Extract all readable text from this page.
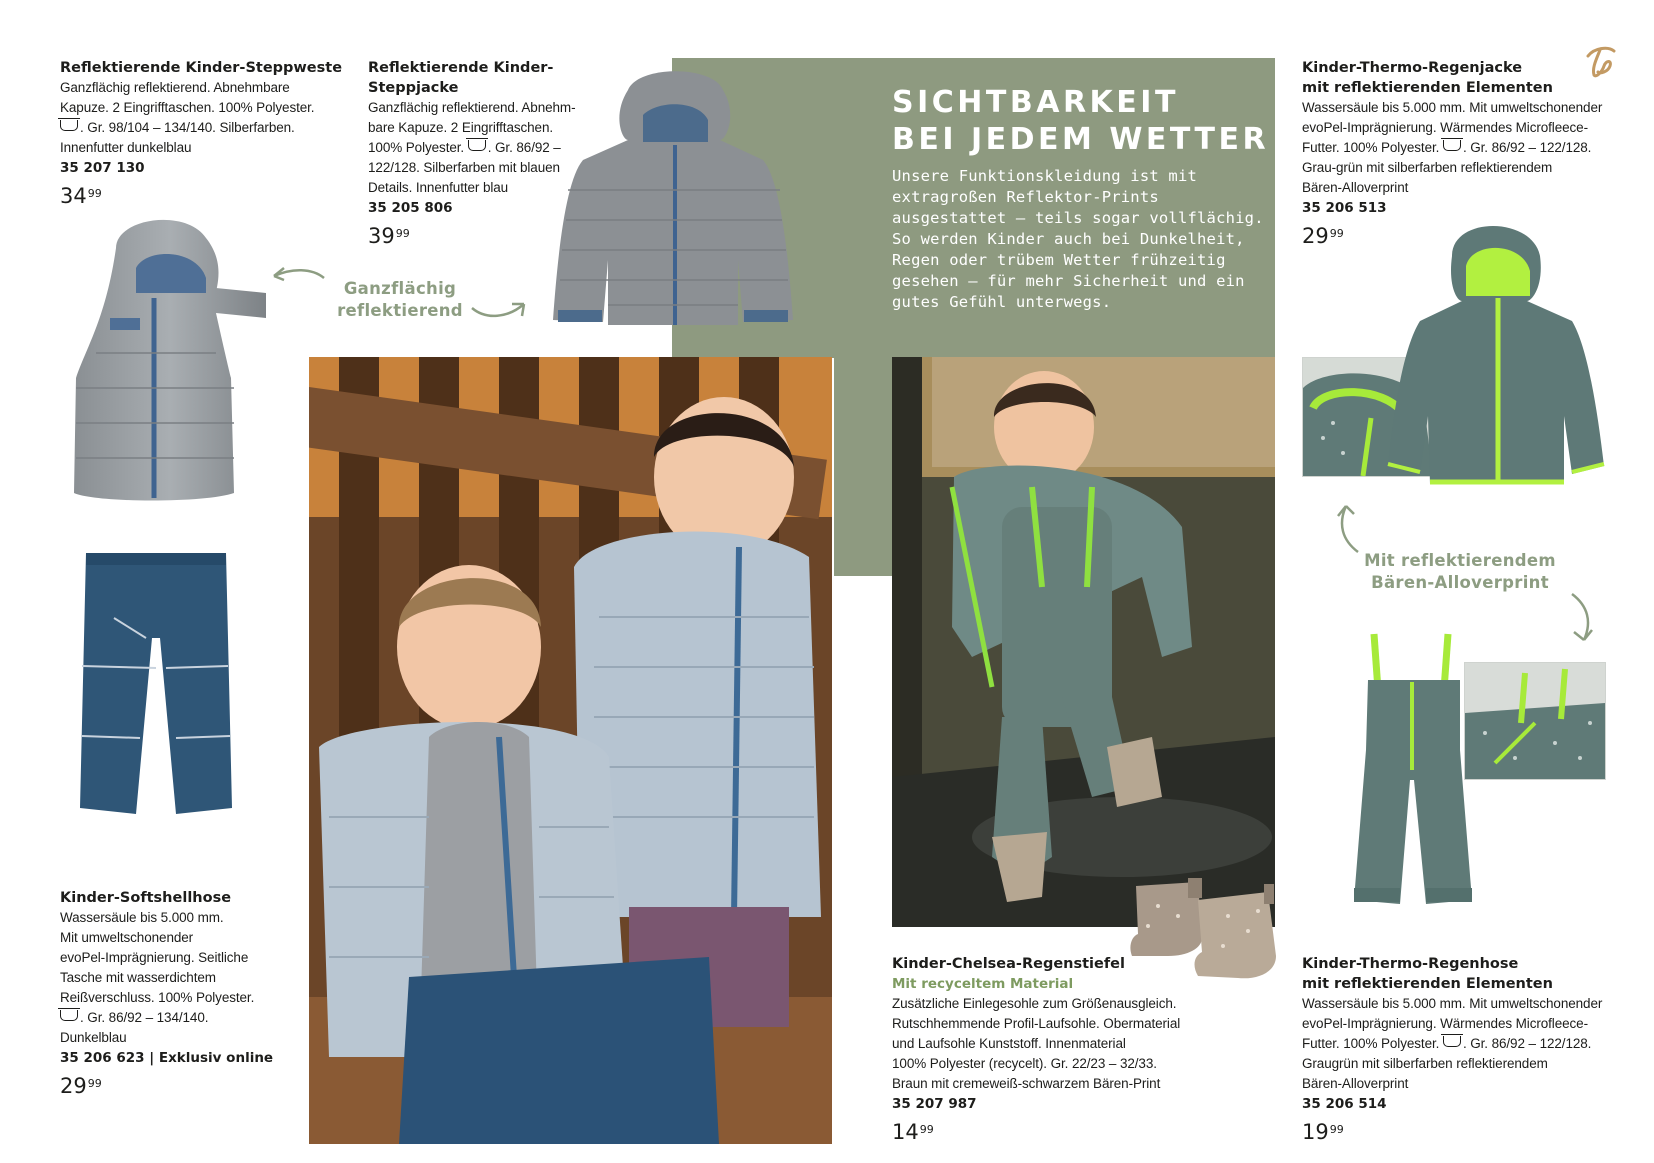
SICHTBARKEIT
BEI JEDEM WETTER
Unsere Funktionskleidung ist mit
extragroßen Reflektor-Prints
ausgestattet – teils sogar vollflächig.
So werden Kinder auch bei Dunkelheit,
Regen oder trübem Wetter frühzeitig
gesehen – für mehr Sicherheit und ein
gutes Gefühl unterwegs.

Reflektierende Kinder-Steppweste

Ganzflächig reflektierend. Abnehmbare

Kapuze. 2 Eingrifftaschen. 100% Polyester.

. Gr. 98/104 – 134/140. Silberfarben.

Innenfutter dunkelblau

35 207 130

$34^{99}$
Ganzflächig
reflektierend

Reflektierende Kinder-

Steppjacke

Ganzflächig reflektierend. Abnehm-

bare Kapuze. 2 Eingrifftaschen.

100% Polyester. . Gr. 86/92 –

122/128. Silberfarben mit blauen

Details. Innenfutter blau

35 205 806

$39^{99}$

Kinder-Softshellhose

Wassersäule bis 5.000 mm.

Mit umweltschonender

evoPel-Imprägnierung. Seitliche

Tasche mit wasserdichtem

Reißverschluss. 100% Polyester.

. Gr. 86/92 – 134/140.

Dunkelblau

35 206 623 | Exklusiv online

$29^{99}$

Kinder-Chelsea-Regenstiefel

Mit recyceltem Material

Zusätzliche Einlegesohle zum Größenausgleich.

Rutschhemmende Profil-Laufsohle. Obermaterial

und Laufsohle Kunststoff. Innenmaterial

100% Polyester (recycelt). Gr. 22/23 – 32/33.

Braun mit cremeweiß-schwarzem Bären-Print

35 207 987

$14^{99}$

Kinder-Thermo-Regenjacke

mit reflektierenden Elementen

Wassersäule bis 5.000 mm. Mit umweltschonender

evoPel-Imprägnierung. Wärmendes Microfleece-

Futter. 100% Polyester. . Gr. 86/92 – 122/128.

Grau-grün mit silberfarben reflektierendem

Bären-Alloverprint

35 206 513

$29^{99}$
Mit reflektierendem
Bären-Alloverprint

Kinder-Thermo-Regenhose

mit reflektierenden Elementen

Wassersäule bis 5.000 mm. Mit umweltschonender

evoPel-Imprägnierung. Wärmendes Microfleece-

Futter. 100% Polyester. . Gr. 86/92 – 122/128.

Graugrün mit silberfarben reflektierendem

Bären-Alloverprint

35 206 514

$19^{99}$
